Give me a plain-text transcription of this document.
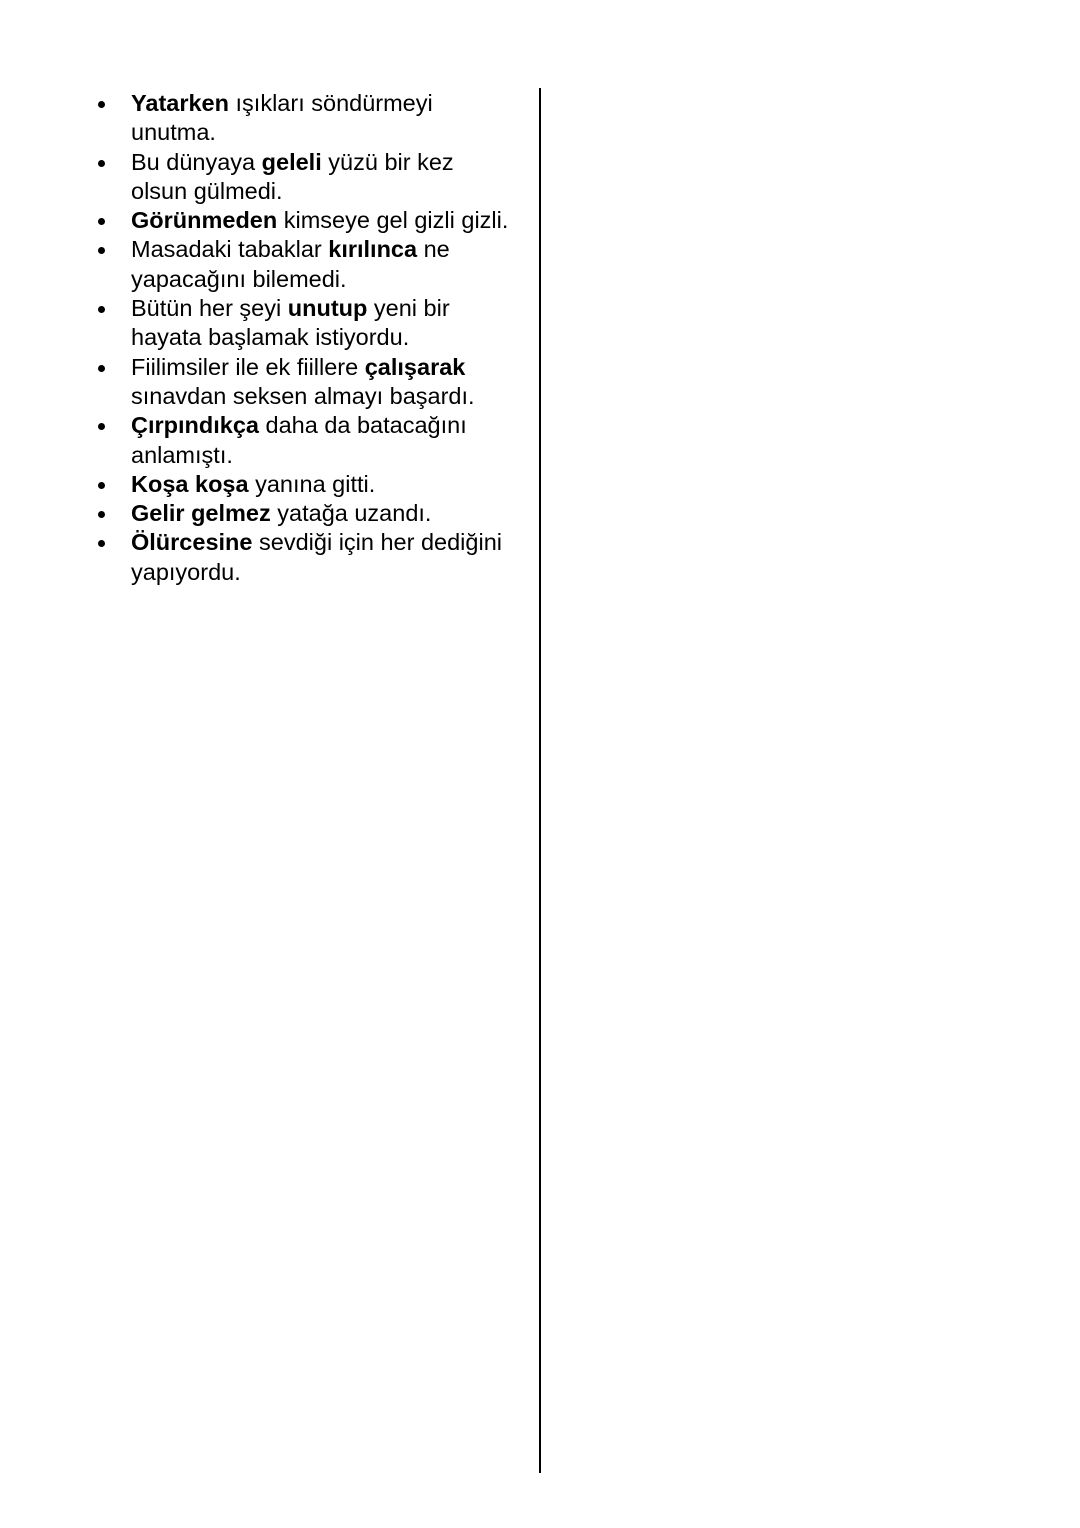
Yatarken ışıkları söndürmeyi unutma.
Bu dünyaya geleli yüzü bir kez olsun gülmedi.
Görünmeden kimseye gel gizli gizli.
Masadaki tabaklar kırılınca ne yapacağını bilemedi.
Bütün her şeyi unutup yeni bir hayata başlamak istiyordu.
Fiilimsiler ile ek fiillere çalışarak sınavdan seksen almayı başardı.
Çırpındıkça daha da batacağını anlamıştı.
Koşa koşa yanına gitti.
Gelir gelmez yatağa uzandı.
Ölürcesine sevdiği için her dediğini yapıyordu.
